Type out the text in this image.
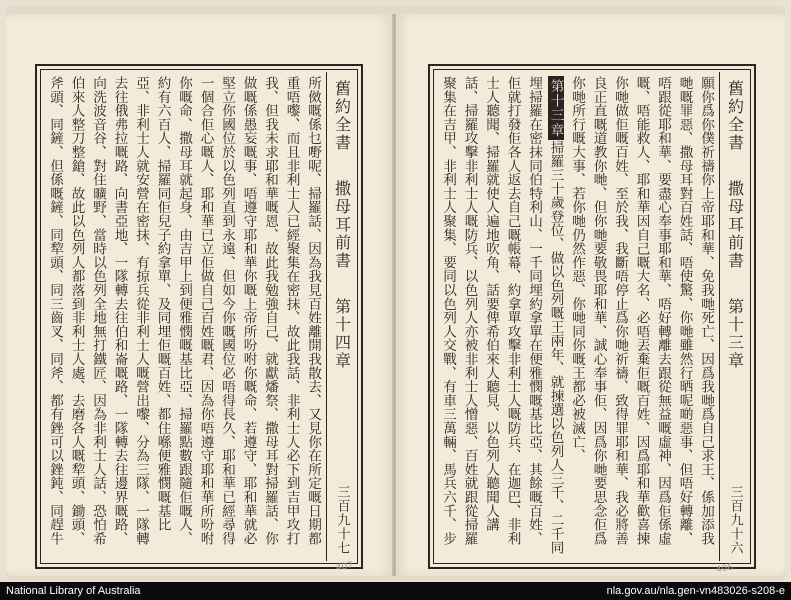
舊約全書
撒母耳前書
第十四章
三百九十七
所傚嘅係乜嘢呢、掃羅話、因為我見百姓離開我散去、又見你在所定嘅日期都重唔嚟、而且非利士人已經聚集在密抹、故此我話、非利士人必下到吉甲攻打我、但我未求耶和華嘅恩、故此我勉強自己、就獻燔祭、撒母耳對掃羅話、你做嘅係愚妄嘅事、唔遵守耶和華你嘅上帝所吩咐你嘅命、若遵守、耶和華就必堅立你國位於以色列直到永遠、但如今你嘅國位必唔得長久、耶和華已經尋得一個合佢心嘅人、耶和華已立佢做自己百姓嘅君、因為你唔遵守耶和華所吩咐你嘅命、撒母耳就起身、由吉甲上到便雅憫嘅基比亞、掃羅點數跟隨佢嘅人、約有六百人、掃羅同佢兒子約拿單、及同埋佢嘅百姓、都住喺便雅憫嘅基比亞、非利士人就安營在密抹、有掠兵從非利士人嘅營出嚟、分為三隊、一隊轉去往俄弗拉嘅路、向書亞地、一隊轉去往伯和崙嘅路、一隊轉去往邊界嘅路、向洗波音谷、對住曠野、當時以色列全地無打鐵匠、因為非利士人話、恐怕希伯來人整刀整鎗、故此以色列人都落到非利士人處、去磨各人嘅犂頭、鋤頭、斧頭、同鏟、但係嘅鏟、同犂頭、同三齒叉、同斧、都有銼可以銼鈍、同趕牛
407
舊約全書
撒母耳前書
第十三章
三百九十六
願你爲你僕祈禱你上帝耶和華、免我哋死亡、因爲我哋爲自己求王、係加添我哋嘅罪惡、撒母耳對百姓話、唔使驚、你哋雖然行晒呢啲惡事、但唔好轉離、唔跟從耶和華、要盡心奉事耶和華、唔好轉離去跟從無益嘅虛神、因爲佢係虛嘅、唔能救人、耶和華因自己嘅大名、必唔丟棄佢嘅百姓、因爲耶和華歡喜揀你哋做佢嘅百姓、至於我、我斷唔停止爲你哋祈禱、致得罪耶和華、我必將善良正直嘅道教你哋、但你哋要敬畏耶和華、誠心奉事佢、因爲你哋要思念佢爲你哋所行嘅大事、若你哋仍然作惡、你哋同你嘅王都必被滅亡、
第十三章掃羅三十歲登位、做以色列嘅王兩年、就揀選以色列人三千、二千同埋掃羅在密抹同伯特利山、一千同埋約拿單在便雅憫嘅基比亞、其餘嘅百姓、佢就打發佢各人返去自己嘅帳幕、約拿單攻擊非利士人嘅防兵、在迦巴、非利士人聽聞、掃羅就使人遍地吹角、話要俾希伯來人聽見、以色列人聽聞人講話、掃羅攻擊非利士人嘅防兵、以色列人亦被非利士人憎惡、百姓就跟從掃羅聚集在吉甲、非利士人聚集、要同以色列人交戰、有車三萬輛、馬兵六千、步
406
National Library of Australia	nla.gov.au/nla.gen-vn483026-s208-e
